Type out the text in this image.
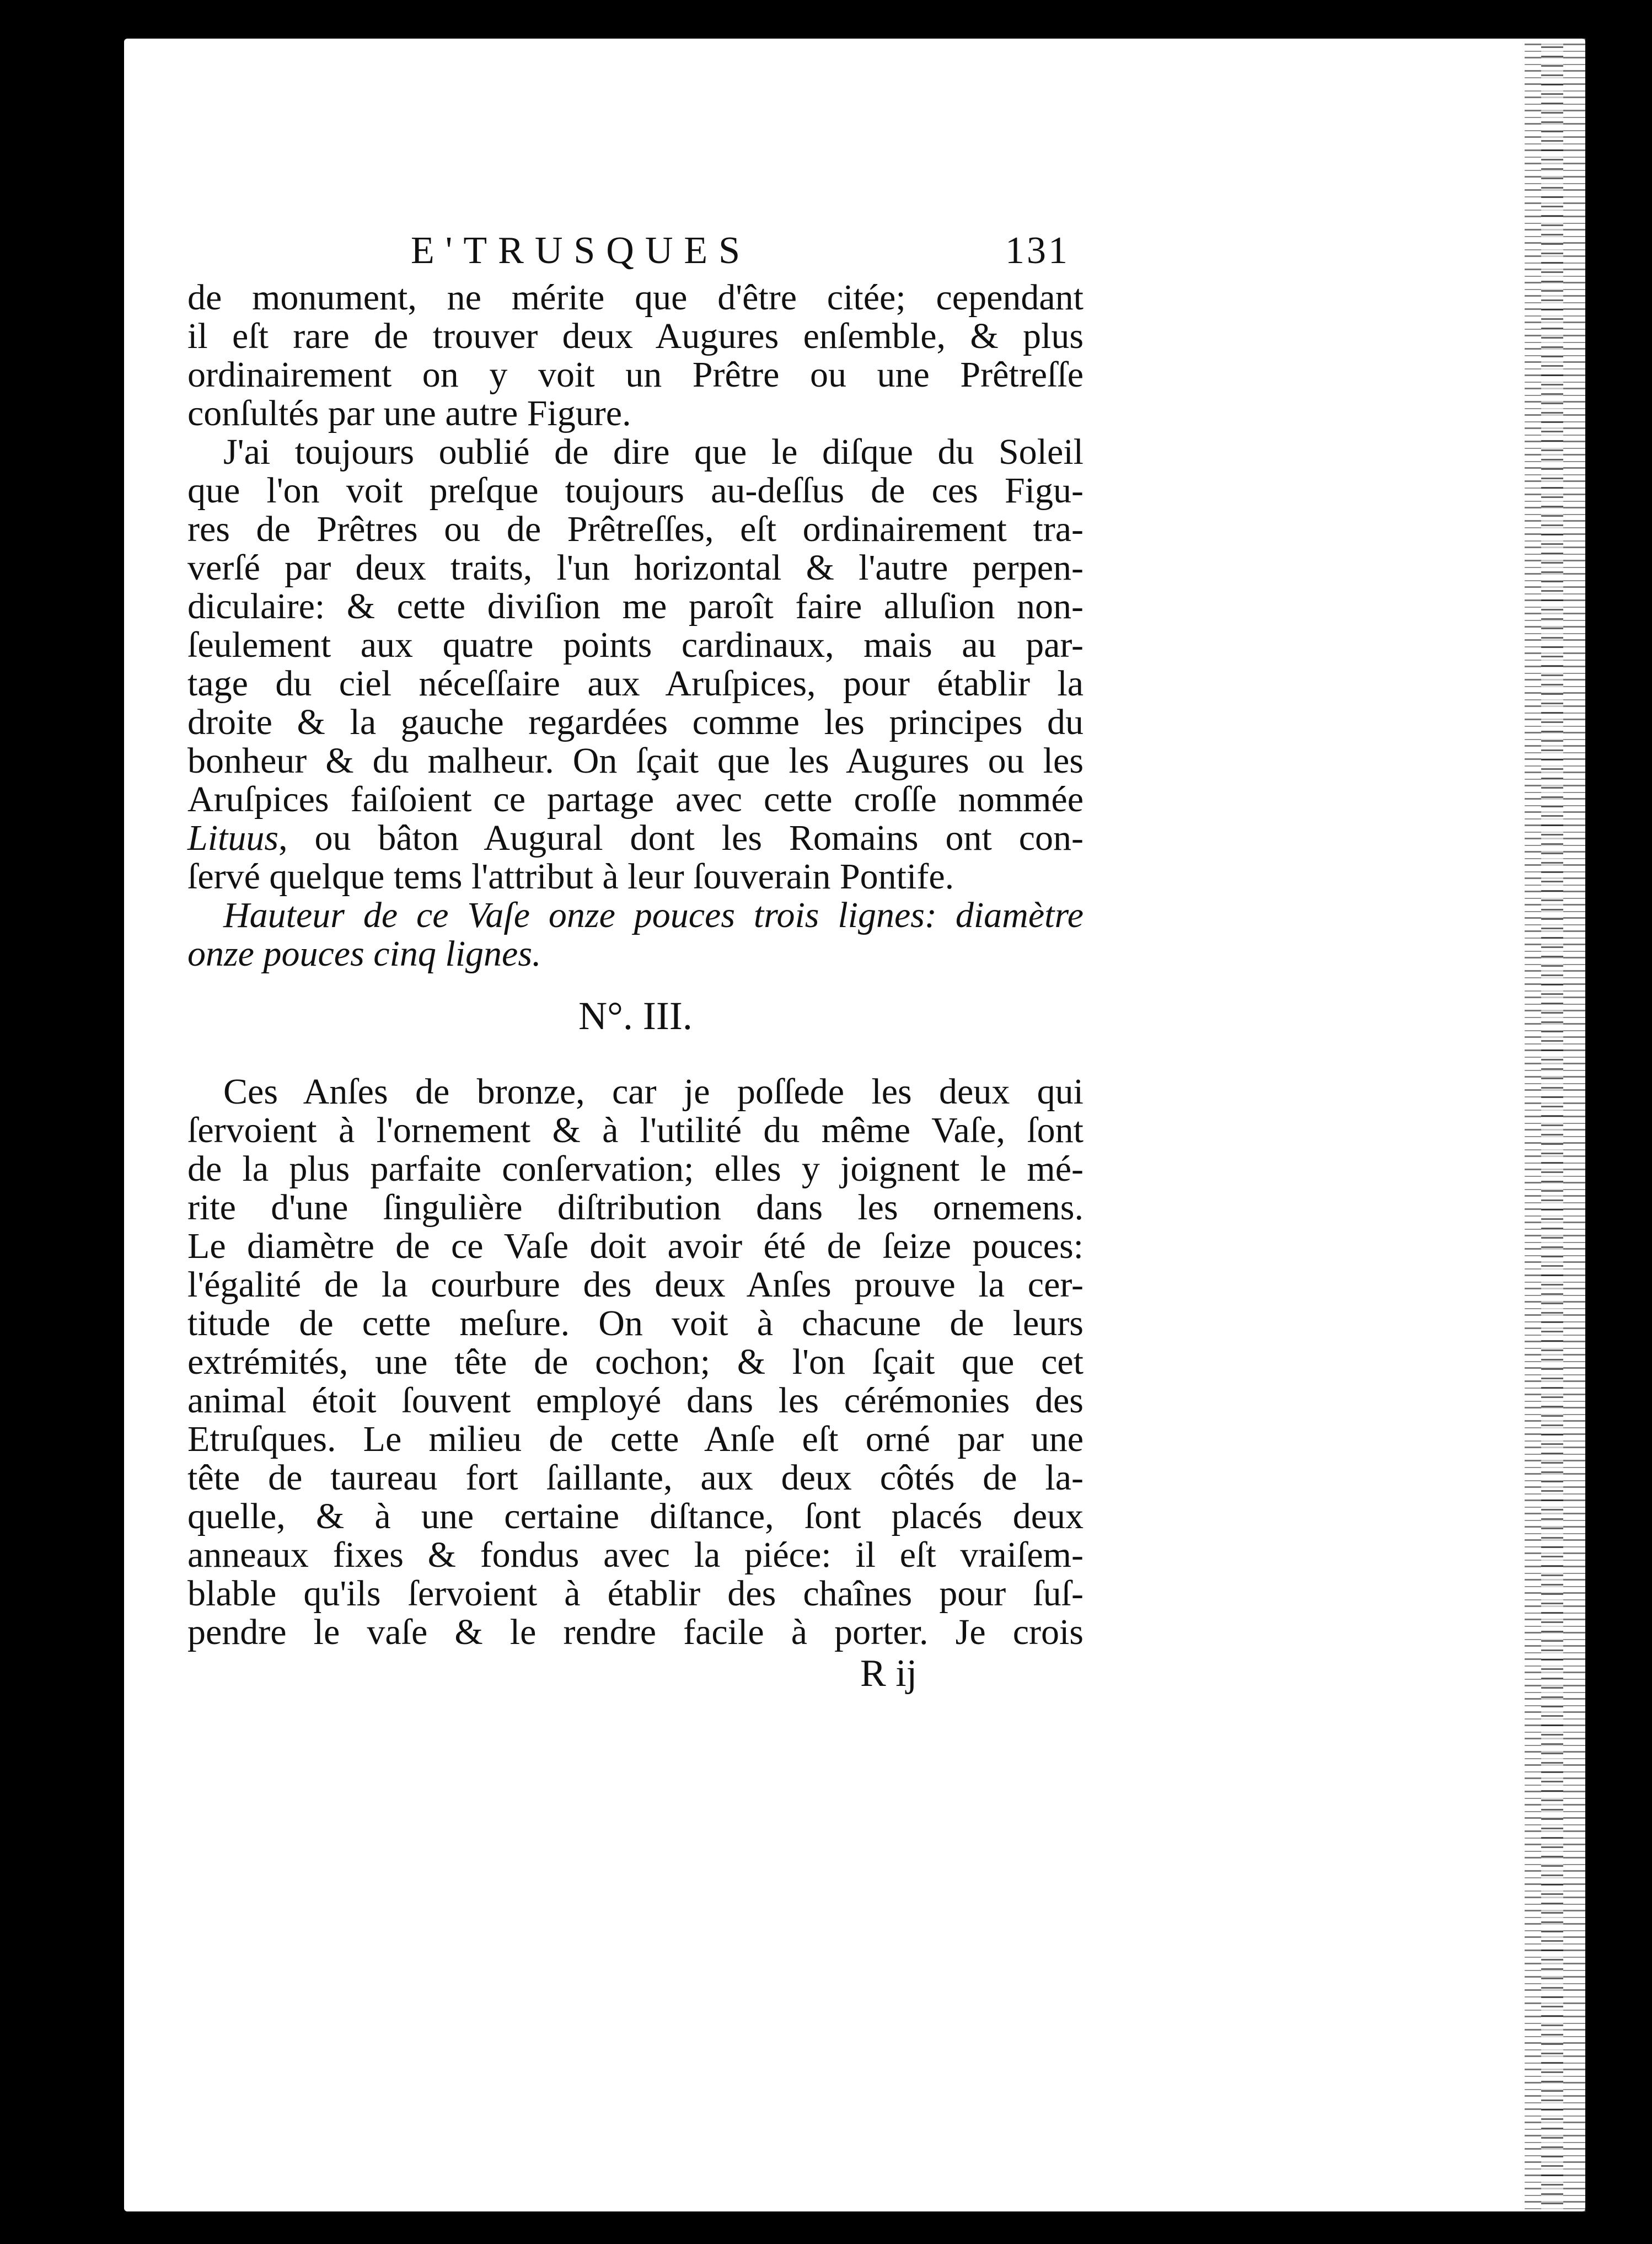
E'TRUSQUES	131
de monument, ne mérite que d'être citée; cependant
il eſt rare de trouver deux Augures enſemble, & plus
ordinairement on y voit un Prêtre ou une Prêtreſſe
conſultés par une autre Figure.
J'ai toujours oublié de dire que le diſque du Soleil
que l'on voit preſque toujours au-deſſus de ces Figu-
res de Prêtres ou de Prêtreſſes, eſt ordinairement tra-
verſé par deux traits, l'un horizontal & l'autre perpen-
diculaire: & cette diviſion me paroît faire alluſion non-
ſeulement aux quatre points cardinaux, mais au par-
tage du ciel néceſſaire aux Aruſpices, pour établir la
droite & la gauche regardées comme les principes du
bonheur & du malheur. On ſçait que les Augures ou les
Aruſpices faiſoient ce partage avec cette croſſe nommée
Lituus, ou bâton Augural dont les Romains ont con-
ſervé quelque tems l'attribut à leur ſouverain Pontife.
Hauteur de ce Vaſe onze pouces trois lignes: diamètre
onze pouces cinq lignes.
N°. III.
Ces Anſes de bronze, car je poſſede les deux qui
ſervoient à l'ornement & à l'utilité du même Vaſe, ſont
de la plus parfaite conſervation; elles y joignent le mé-
rite d'une ſingulière diſtribution dans les ornemens.
Le diamètre de ce Vaſe doit avoir été de ſeize pouces:
l'égalité de la courbure des deux Anſes prouve la cer-
titude de cette meſure. On voit à chacune de leurs
extrémités, une tête de cochon; & l'on ſçait que cet
animal étoit ſouvent employé dans les cérémonies des
Etruſques. Le milieu de cette Anſe eſt orné par une
tête de taureau fort ſaillante, aux deux côtés de la-
quelle, & à une certaine diſtance, ſont placés deux
anneaux fixes & fondus avec la piéce: il eſt vraiſem-
blable qu'ils ſervoient à établir des chaînes pour ſuſ-
pendre le vaſe & le rendre facile à porter. Je crois
R ij
